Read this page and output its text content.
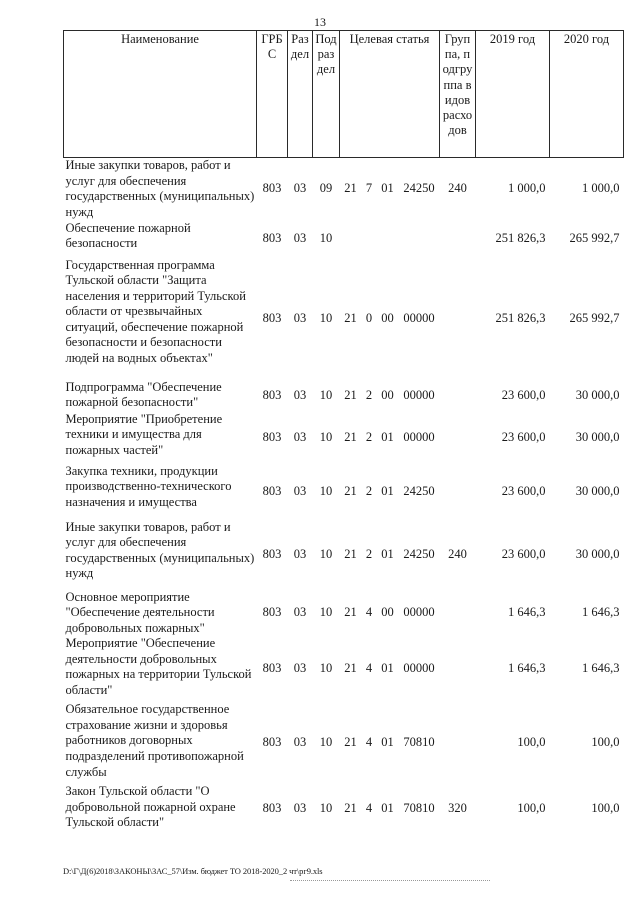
13
Наименование	ГРБС	Раздел	Подраздел	Целевая статья				Группа, подгруппа видов расходов	2019 год	2020 год
Иные закупки товаров, работ и услуг для обеспечения государственных (муниципальных) нужд	803	03	09	21	7	01	24250	240	1 000,0	1 000,0
Обеспечение пожарной безопасности	803	03	10						251 826,3	265 992,7
Государственная программа Тульской области "Защита населения и территорий Тульской области от чрезвычайных ситуаций, обеспечение пожарной безопасности и безопасности людей на водных объектах"	803	03	10	21	0	00	00000		251 826,3	265 992,7
Подпрограмма "Обеспечение пожарной безопасности"	803	03	10	21	2	00	00000		23 600,0	30 000,0
Мероприятие "Приобретение техники и имущества для пожарных частей"	803	03	10	21	2	01	00000		23 600,0	30 000,0
Закупка техники, продукции производственно-технического назначения и имущества	803	03	10	21	2	01	24250		23 600,0	30 000,0
Иные закупки товаров, работ и услуг для обеспечения государственных (муниципальных) нужд	803	03	10	21	2	01	24250	240	23 600,0	30 000,0
Основное мероприятие "Обеспечение деятельности добровольных пожарных"	803	03	10	21	4	00	00000		1 646,3	1 646,3
Мероприятие "Обеспечение деятельности добровольных пожарных на территории Тульской области"	803	03	10	21	4	01	00000		1 646,3	1 646,3
Обязательное государственное страхование жизни и здоровья работников договорных подразделений противопожарной службы	803	03	10	21	4	01	70810		100,0	100,0
Закон Тульской области "О добровольной пожарной охране Тульской области"	803	03	10	21	4	01	70810	320	100,0	100,0
D:\Г\Д(6)2018\ЗАКОНЫ\ЗАС_57\Изм. бюджет ТО 2018-2020_2 чт\рг9.xls
